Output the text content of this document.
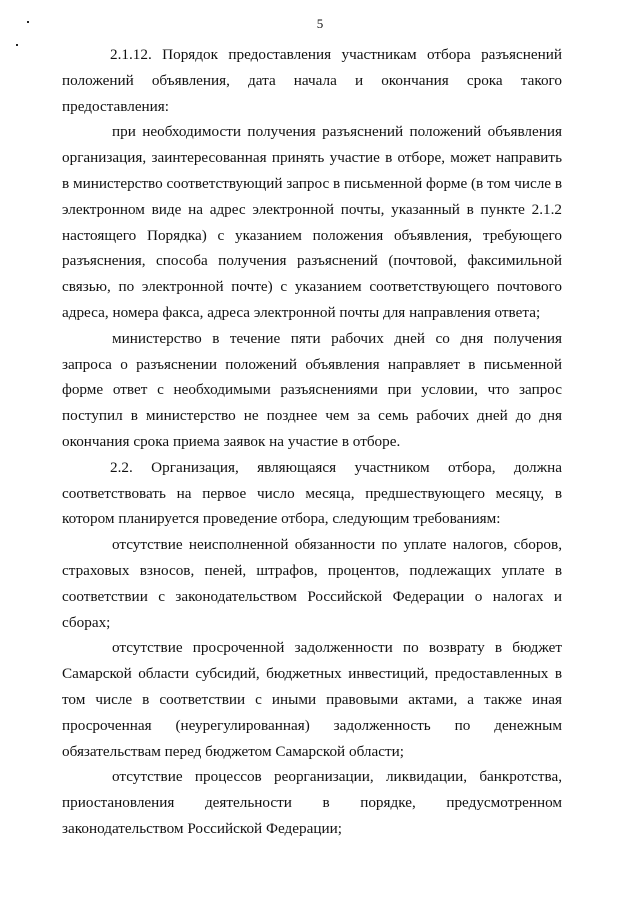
5

2.1.12. Порядок предоставления участникам отбора разъяснений положений объявления, дата начала и окончания срока такого предоставления:

при необходимости получения разъяснений положений объявления организация, заинтересованная принять участие в отборе, может направить в министерство соответствующий запрос в письменной форме (в том числе в электронном виде на адрес электронной почты, указанный в пункте 2.1.2 настоящего Порядка) с указанием положения объявления, требующего разъяснения, способа получения разъяснений (почтовой, факсимильной связью, по электронной почте) с указанием соответствующего почтового адреса, номера факса, адреса электронной почты для направления ответа;

министерство в течение пяти рабочих дней со дня получения запроса о разъяснении положений объявления направляет в письменной форме ответ с необходимыми разъяснениями при условии, что запрос поступил в министерство не позднее чем за семь рабочих дней до дня окончания срока приема заявок на участие в отборе.

2.2. Организация, являющаяся участником отбора, должна соответствовать на первое число месяца, предшествующего месяцу, в котором планируется проведение отбора, следующим требованиям:

отсутствие неисполненной обязанности по уплате налогов, сборов, страховых взносов, пеней, штрафов, процентов, подлежащих уплате в соответствии с законодательством Российской Федерации о налогах и сборах;

отсутствие просроченной задолженности по возврату в бюджет Самарской области субсидий, бюджетных инвестиций, предоставленных в том числе в соответствии с иными правовыми актами, а также иная просроченная (неурегулированная) задолженность по денежным обязательствам перед бюджетом Самарской области;

отсутствие процессов реорганизации, ликвидации, банкротства, приостановления деятельности в порядке, предусмотренном законодательством Российской Федерации;
